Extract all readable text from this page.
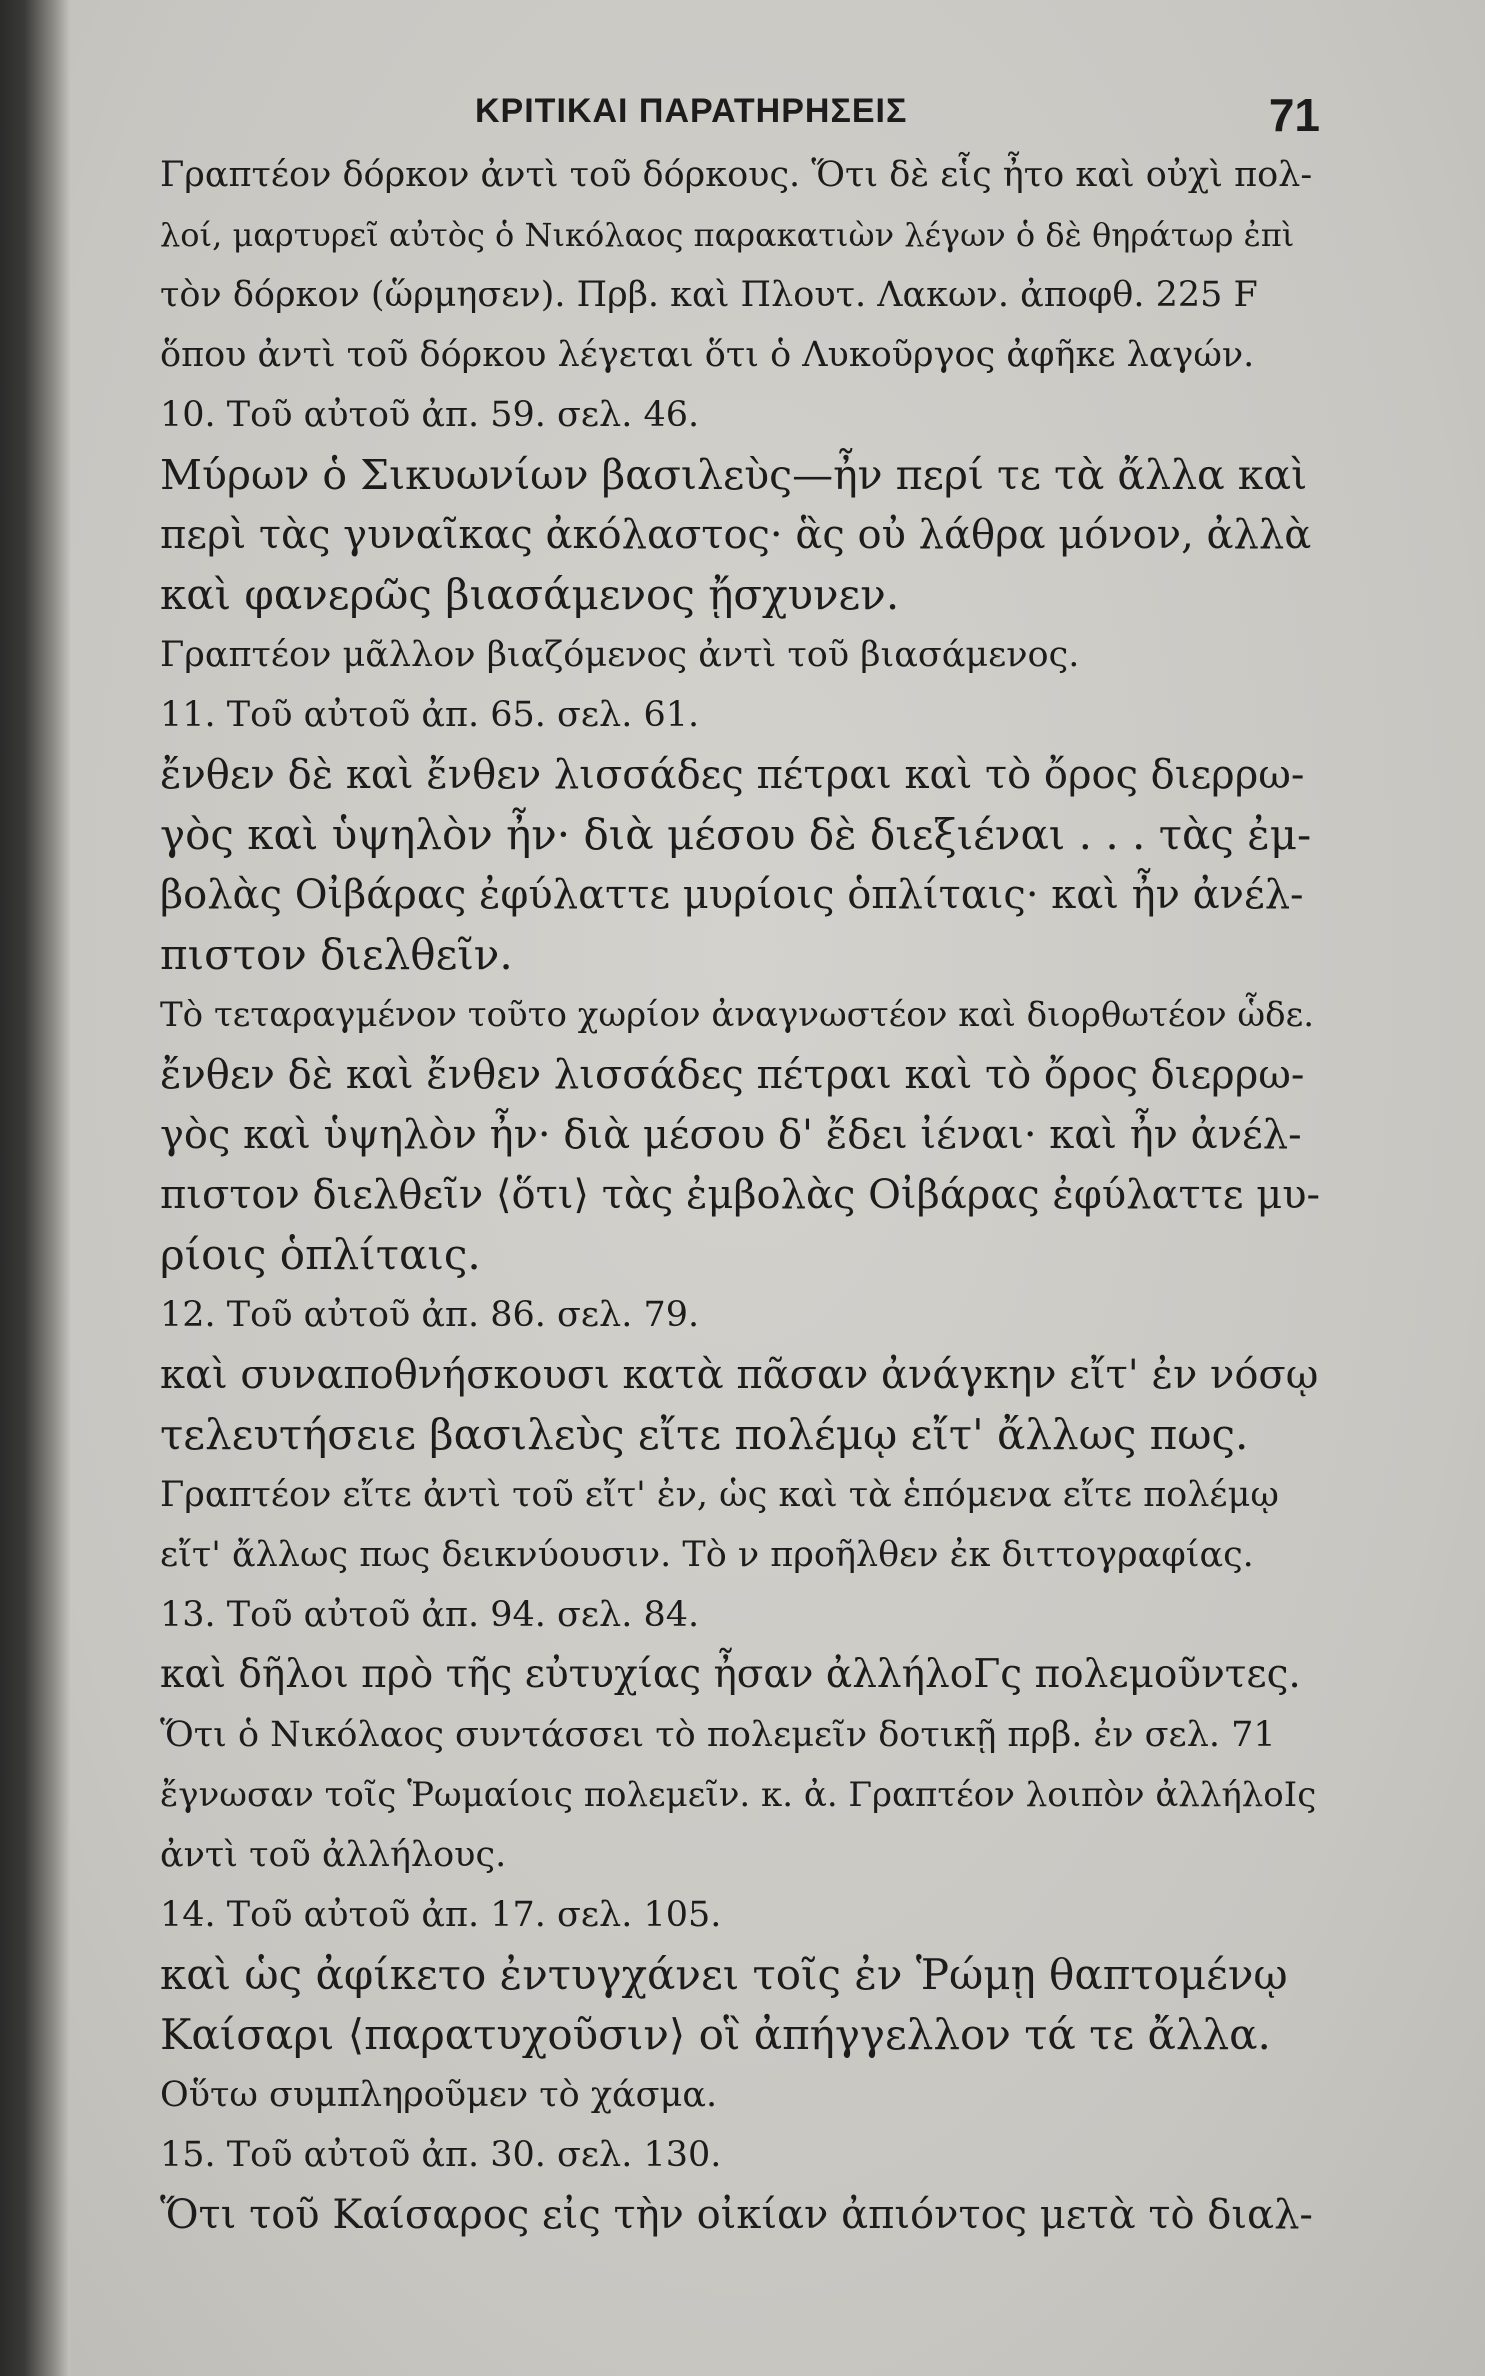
ΚΡΙΤΙΚΑΙ ΠΑΡΑΤΗΡΗΣΕΙΣ	71
Γραπτέον δόρκον ἀντὶ τοῦ δόρκους. Ὅτι δὲ εἷς ἦτο καὶ οὐχὶ πολ-
λοί, μαρτυρεῖ αὐτὸς ὁ Νικόλαος παρακατιὼν λέγων ὁ δὲ θηράτωρ ἐπὶ
τὸν δόρκον (ὥρμησεν). Πρβ. καὶ Πλουτ. Λακων. ἀποφθ. 225 F
ὅπου ἀντὶ τοῦ δόρκου λέγεται ὅτι ὁ Λυκοῦργος ἀφῆκε λαγών.
10. Τοῦ αὐτοῦ ἀπ. 59. σελ. 46.
Μύρων ὁ Σικυωνίων βασιλεὺς—ἦν περί τε τὰ ἄλλα καὶ
περὶ τὰς γυναῖκας ἀκόλαστος· ἃς οὐ λάθρα μόνον, ἀλλὰ
καὶ φανερῶς βιασάμενος ᾔσχυνεν.
Γραπτέον μᾶλλον βιαζόμενος ἀντὶ τοῦ βιασάμενος.
11. Τοῦ αὐτοῦ ἀπ. 65. σελ. 61.
ἔνθεν δὲ καὶ ἔνθεν λισσάδες πέτραι καὶ τὸ ὄρος διερρω-
γὸς καὶ ὑψηλὸν ἦν· διὰ μέσου δὲ διεξιέναι . . . τὰς ἐμ-
βολὰς Οἰβάρας ἐφύλαττε μυρίοις ὁπλίταις· καὶ ἦν ἀνέλ-
πιστον διελθεῖν.
Τὸ τεταραγμένον τοῦτο χωρίον ἀναγνωστέον καὶ διορθωτέον ὧδε.
ἔνθεν δὲ καὶ ἔνθεν λισσάδες πέτραι καὶ τὸ ὄρος διερρω-
γὸς καὶ ὑψηλὸν ἦν· διὰ μέσου δ' ἔδει ἰέναι· καὶ ἦν ἀνέλ-
πιστον διελθεῖν ⟨ὅτι⟩ τὰς ἐμβολὰς Οἰβάρας ἐφύλαττε μυ-
ρίοις ὁπλίταις.
12. Τοῦ αὐτοῦ ἀπ. 86. σελ. 79.
καὶ συναποθνήσκουσι κατὰ πᾶσαν ἀνάγκην εἴτ' ἐν νόσῳ
τελευτήσειε βασιλεὺς εἴτε πολέμῳ εἴτ' ἄλλως πως.
Γραπτέον εἴτε ἀντὶ τοῦ εἴτ' ἐν, ὡς καὶ τὰ ἑπόμενα εἴτε πολέμῳ
εἴτ' ἄλλως πως δεικνύουσιν. Τὸ ν προῆλθεν ἐκ διττογραφίας.
13. Τοῦ αὐτοῦ ἀπ. 94. σελ. 84.
καὶ δῆλοι πρὸ τῆς εὐτυχίας ἦσαν ἀλλήλοΓς πολεμοῦντες.
Ὅτι ὁ Νικόλαος συντάσσει τὸ πολεμεῖν δοτικῇ πρβ. ἐν σελ. 71
ἔγνωσαν τοῖς Ῥωμαίοις πολεμεῖν. κ. ἀ. Γραπτέον λοιπὸν ἀλλήλοΙς
ἀντὶ τοῦ ἀλλήλους.
14. Τοῦ αὐτοῦ ἀπ. 17. σελ. 105.
καὶ ὡς ἀφίκετο ἐντυγχάνει τοῖς ἐν Ῥώμῃ θαπτομένῳ
Καίσαρι ⟨παρατυχοῦσιν⟩ οἳ ἀπήγγελλον τά τε ἄλλα.
Οὕτω συμπληροῦμεν τὸ χάσμα.
15. Τοῦ αὐτοῦ ἀπ. 30. σελ. 130.
Ὅτι τοῦ Καίσαρος εἰς τὴν οἰκίαν ἀπιόντος μετὰ τὸ διαλ-
